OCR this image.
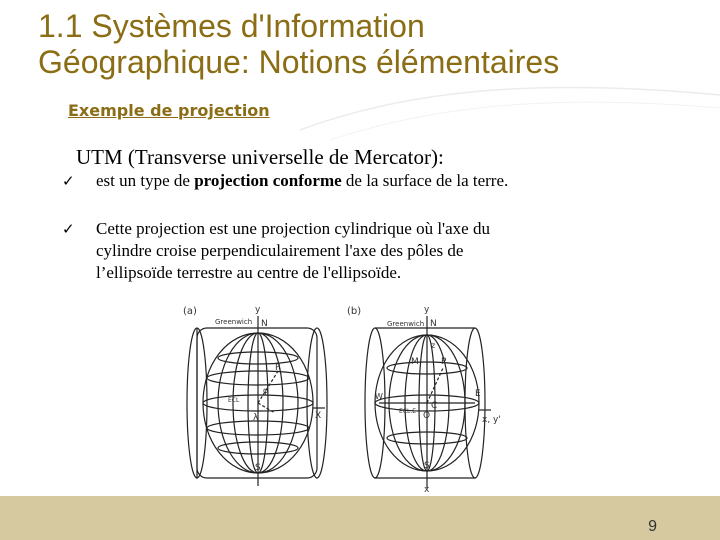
1.1 Systèmes d'Information
Géographique: Notions élémentaires
Exemple de projection

UTM (Transverse universelle de Mercator):

✓ est un type de projection conforme de la surface de la terre.
✓ Cette projection est une projection cylindrique où l'axe du
cylindre croise perpendiculairement l'axe des pôles de
l’ellipsoïde terrestre au centre de l'ellipsoïde.
(a)	y
Greenwich N
P
ECL
φ
λ	X
S
(b)	y
Greenwich N
M P
W	E
ECL.E
C
O	x, y'
S
x
z
9
